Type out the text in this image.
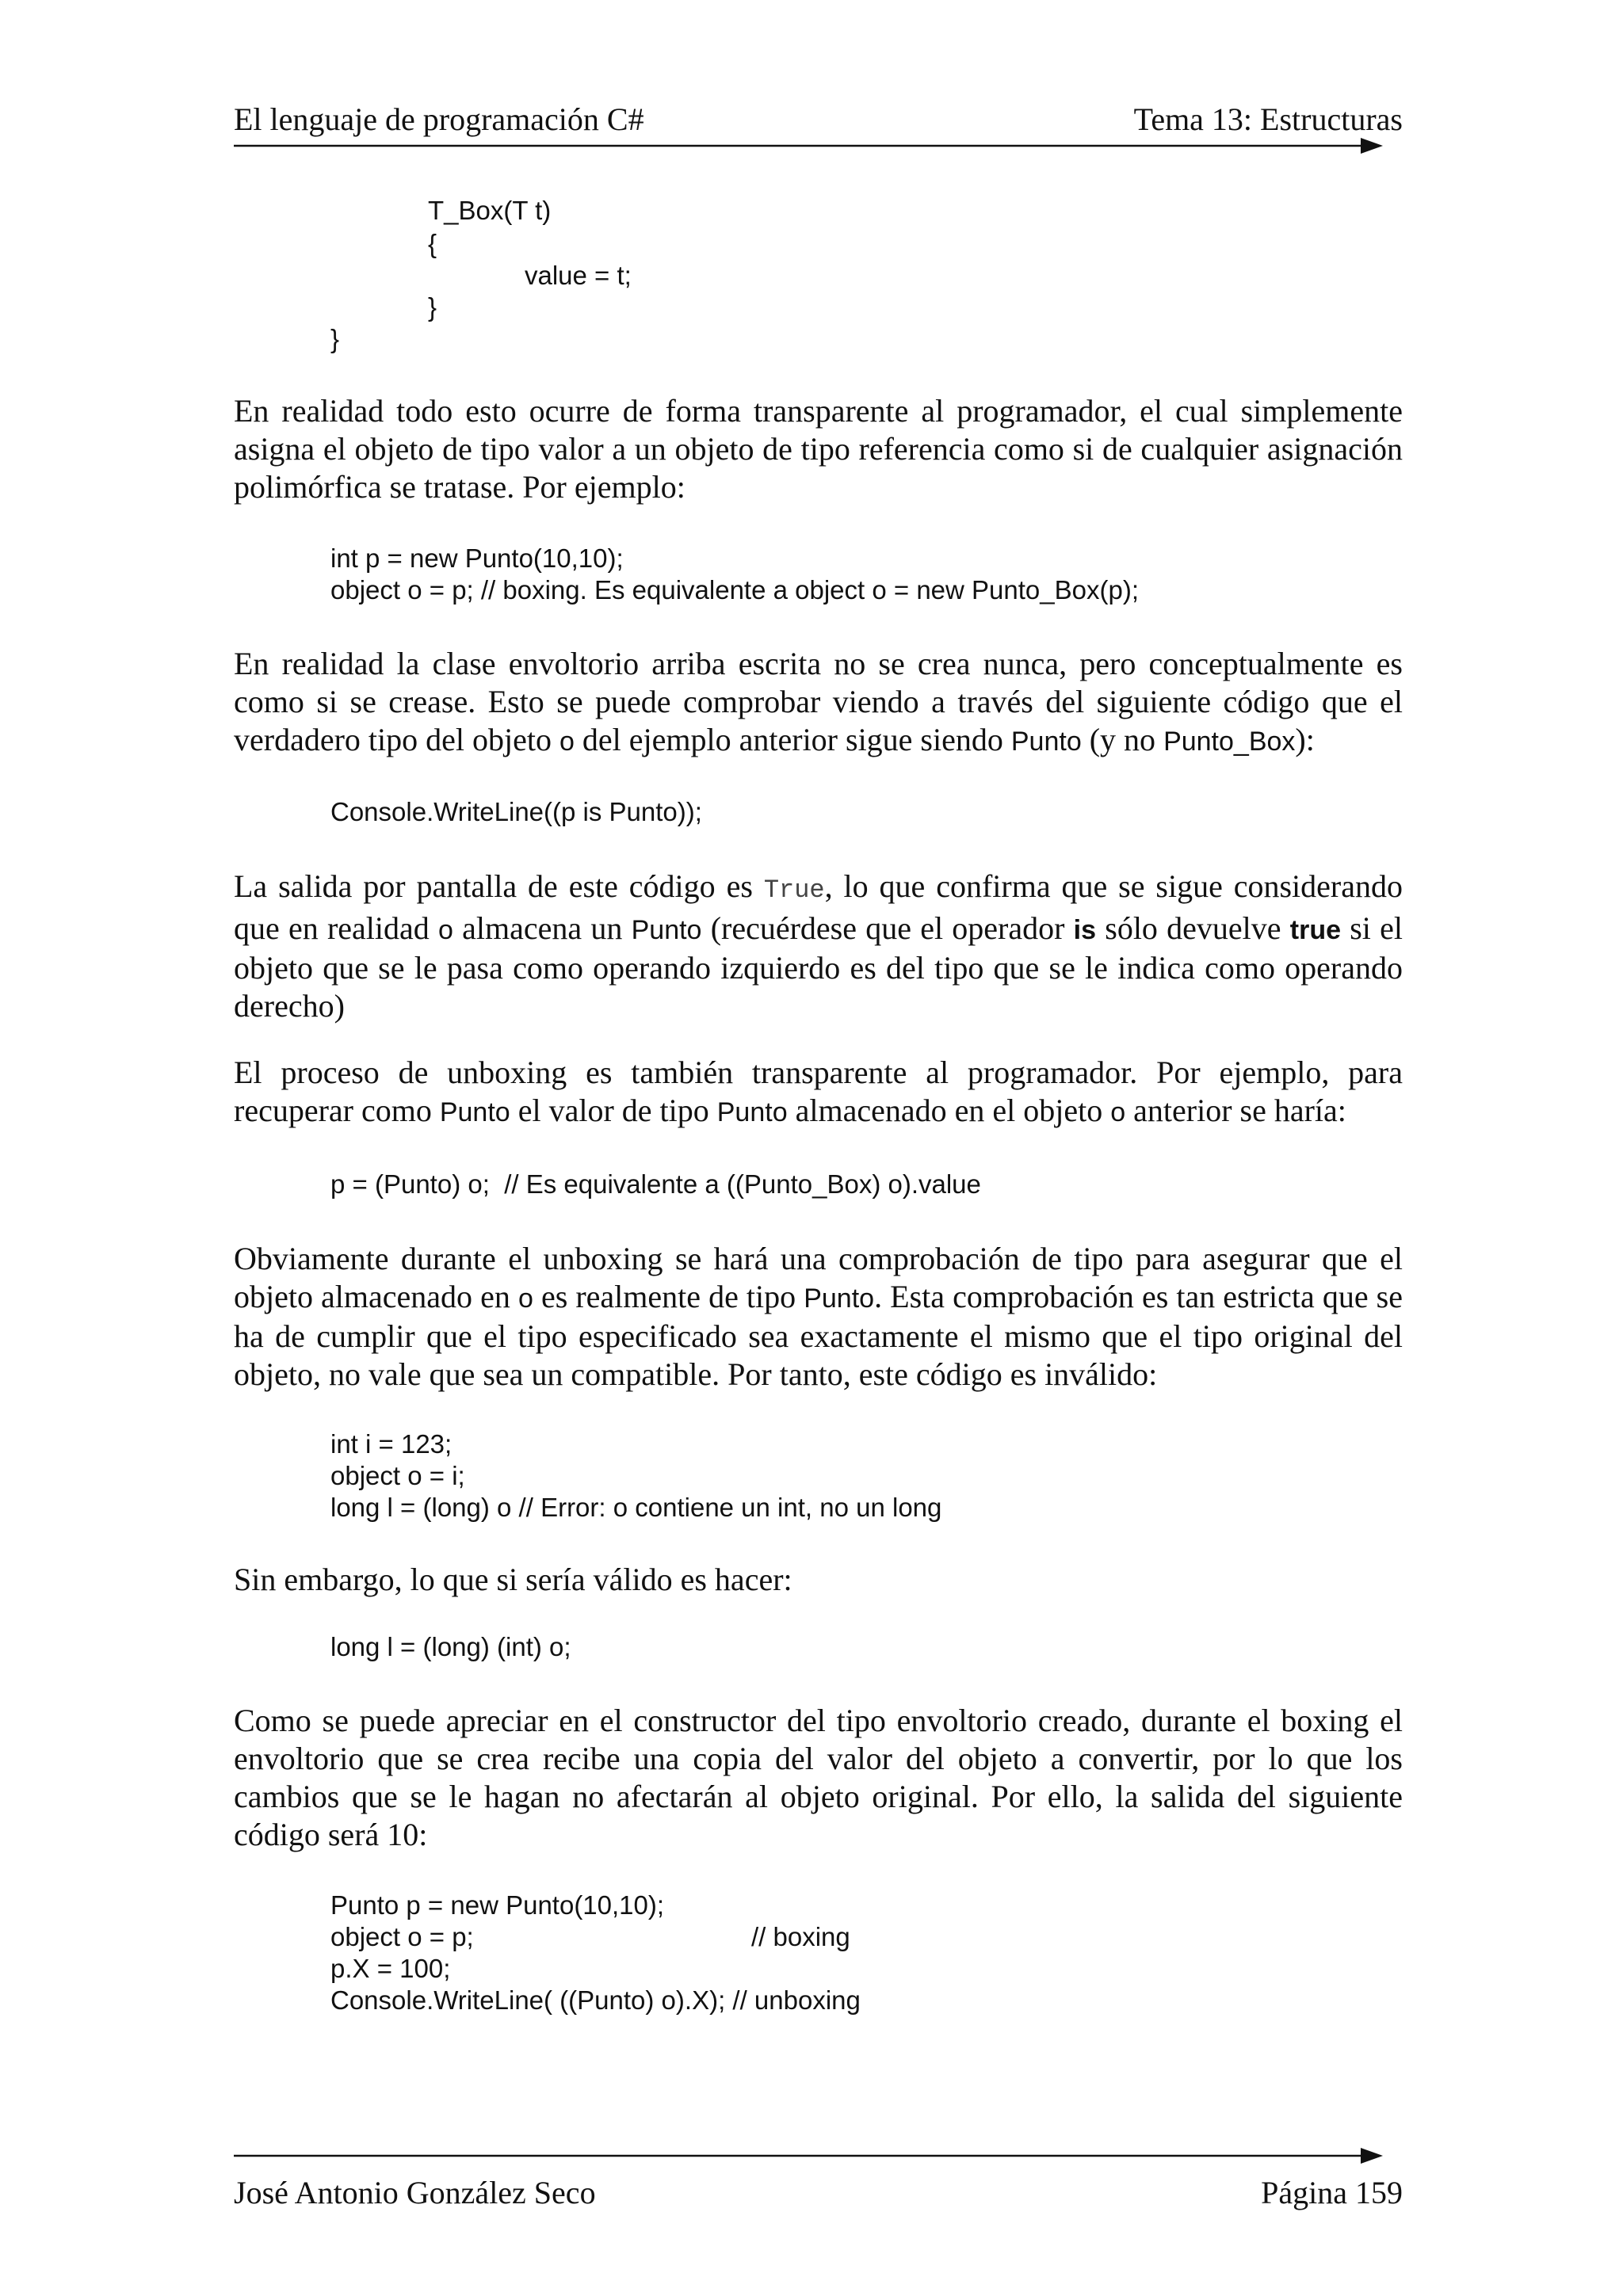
El lenguaje de programación C#	Tema 13: Estructuras
T_Box(T t)
{
value = t;
}
}
En realidad todo esto ocurre de forma transparente al programador, el cual simplemente asigna el objeto de tipo valor a un objeto de tipo referencia como si de cualquier asignación polimórfica se tratase. Por ejemplo:
int p = new Punto(10,10);
object o = p; // boxing. Es equivalente a object o = new Punto_Box(p);
En realidad la clase envoltorio arriba escrita no se crea nunca, pero conceptualmente es como si se crease. Esto se puede comprobar viendo a través del siguiente código que el verdadero tipo del objeto o del ejemplo anterior sigue siendo Punto (y no Punto_Box):
Console.WriteLine((p is Punto));
La salida por pantalla de este código es True, lo que confirma que se sigue considerando que en realidad o almacena un Punto (recuérdese que el operador is sólo devuelve true si el objeto que se le pasa como operando izquierdo es del tipo que se le indica como operando derecho)
El proceso de unboxing es también transparente al programador. Por ejemplo, para recuperar como Punto el valor de tipo Punto almacenado en el objeto o anterior se haría:
p = (Punto) o;  // Es equivalente a ((Punto_Box) o).value
Obviamente durante el unboxing se hará una comprobación de tipo para asegurar que el objeto almacenado en o es realmente de tipo Punto. Esta comprobación es tan estricta que se ha de cumplir que el tipo especificado sea exactamente el mismo que el tipo original del objeto, no vale que sea un compatible. Por tanto, este código es inválido:
int i = 123;
object o = i;
long l = (long) o // Error: o contiene un int, no un long
Sin embargo, lo que si sería válido es hacer:
long l = (long) (int) o;
Como se puede apreciar en el constructor del tipo envoltorio creado, durante el boxing el envoltorio que se crea recibe una copia del valor del objeto a convertir, por lo que los cambios que se le hagan no afectarán al objeto original. Por ello, la salida del siguiente código será 10:
Punto p = new Punto(10,10);
object o = p;	// boxing
p.X = 100;
Console.WriteLine( ((Punto) o).X); // unboxing
José Antonio González Seco	Página 159
